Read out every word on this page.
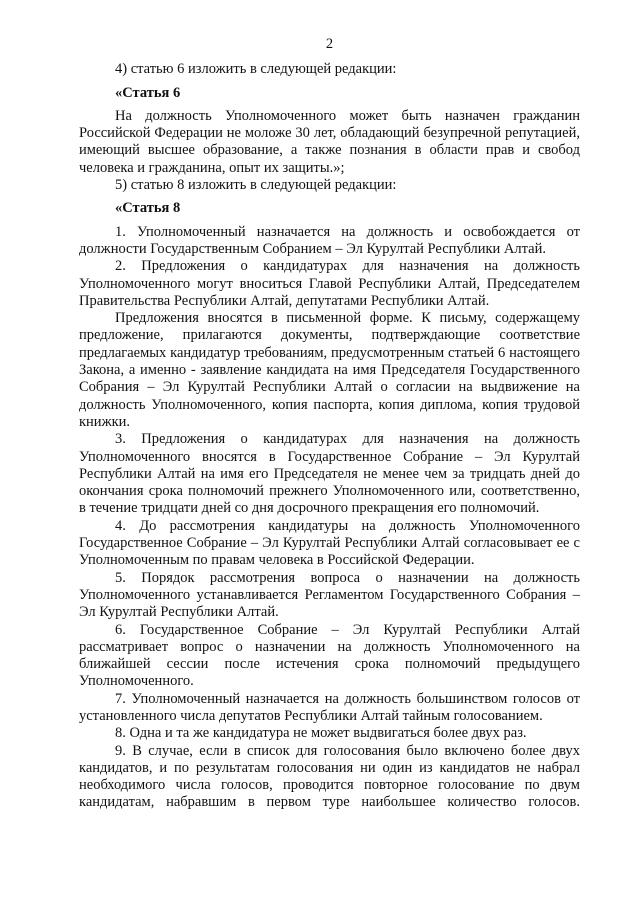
2
4) статью 6 изложить в следующей редакции:
«Статья 6
На должность Уполномоченного может быть назначен гражданин Российской Федерации не моложе 30 лет, обладающий безупречной репутацией, имеющий высшее образование, а также познания в области прав и свобод человека и гражданина, опыт их защиты.»;
5) статью 8 изложить в следующей редакции:
«Статья 8
1. Уполномоченный назначается на должность и освобождается от должности Государственным Собранием – Эл Курултай Республики Алтай.
2. Предложения о кандидатурах для назначения на должность Уполномоченного могут вноситься Главой Республики Алтай, Председателем Правительства Республики Алтай, депутатами Республики Алтай.
Предложения вносятся в письменной форме. К письму, содержащему предложение, прилагаются документы, подтверждающие соответствие предлагаемых кандидатур требованиям, предусмотренным статьей 6 настоящего Закона, а именно - заявление кандидата на имя Председателя Государственного Собрания – Эл Курултай Республики Алтай о согласии на выдвижение на должность Уполномоченного, копия паспорта, копия диплома, копия трудовой книжки.
3. Предложения о кандидатурах для назначения на должность Уполномоченного вносятся в Государственное Собрание – Эл Курултай Республики Алтай на имя его Председателя не менее чем за тридцать дней до окончания срока полномочий прежнего Уполномоченного или, соответственно, в течение тридцати дней со дня досрочного прекращения его полномочий.
4. До рассмотрения кандидатуры на должность Уполномоченного Государственное Собрание – Эл Курултай Республики Алтай согласовывает ее с Уполномоченным по правам человека в Российской Федерации.
5. Порядок рассмотрения вопроса о назначении на должность Уполномоченного устанавливается Регламентом Государственного Собрания – Эл Курултай Республики Алтай.
6. Государственное Собрание – Эл Курултай Республики Алтай рассматривает вопрос о назначении на должность Уполномоченного на ближайшей сессии после истечения срока полномочий предыдущего Уполномоченного.
7. Уполномоченный назначается на должность большинством голосов от установленного числа депутатов Республики Алтай тайным голосованием.
8. Одна и та же кандидатура не может выдвигаться более двух раз.
9. В случае, если в список для голосования было включено более двух кандидатов, и по результатам голосования ни один из кандидатов не набрал необходимого числа голосов, проводится повторное голосование по двум кандидатам, набравшим в первом туре наибольшее количество голосов.
